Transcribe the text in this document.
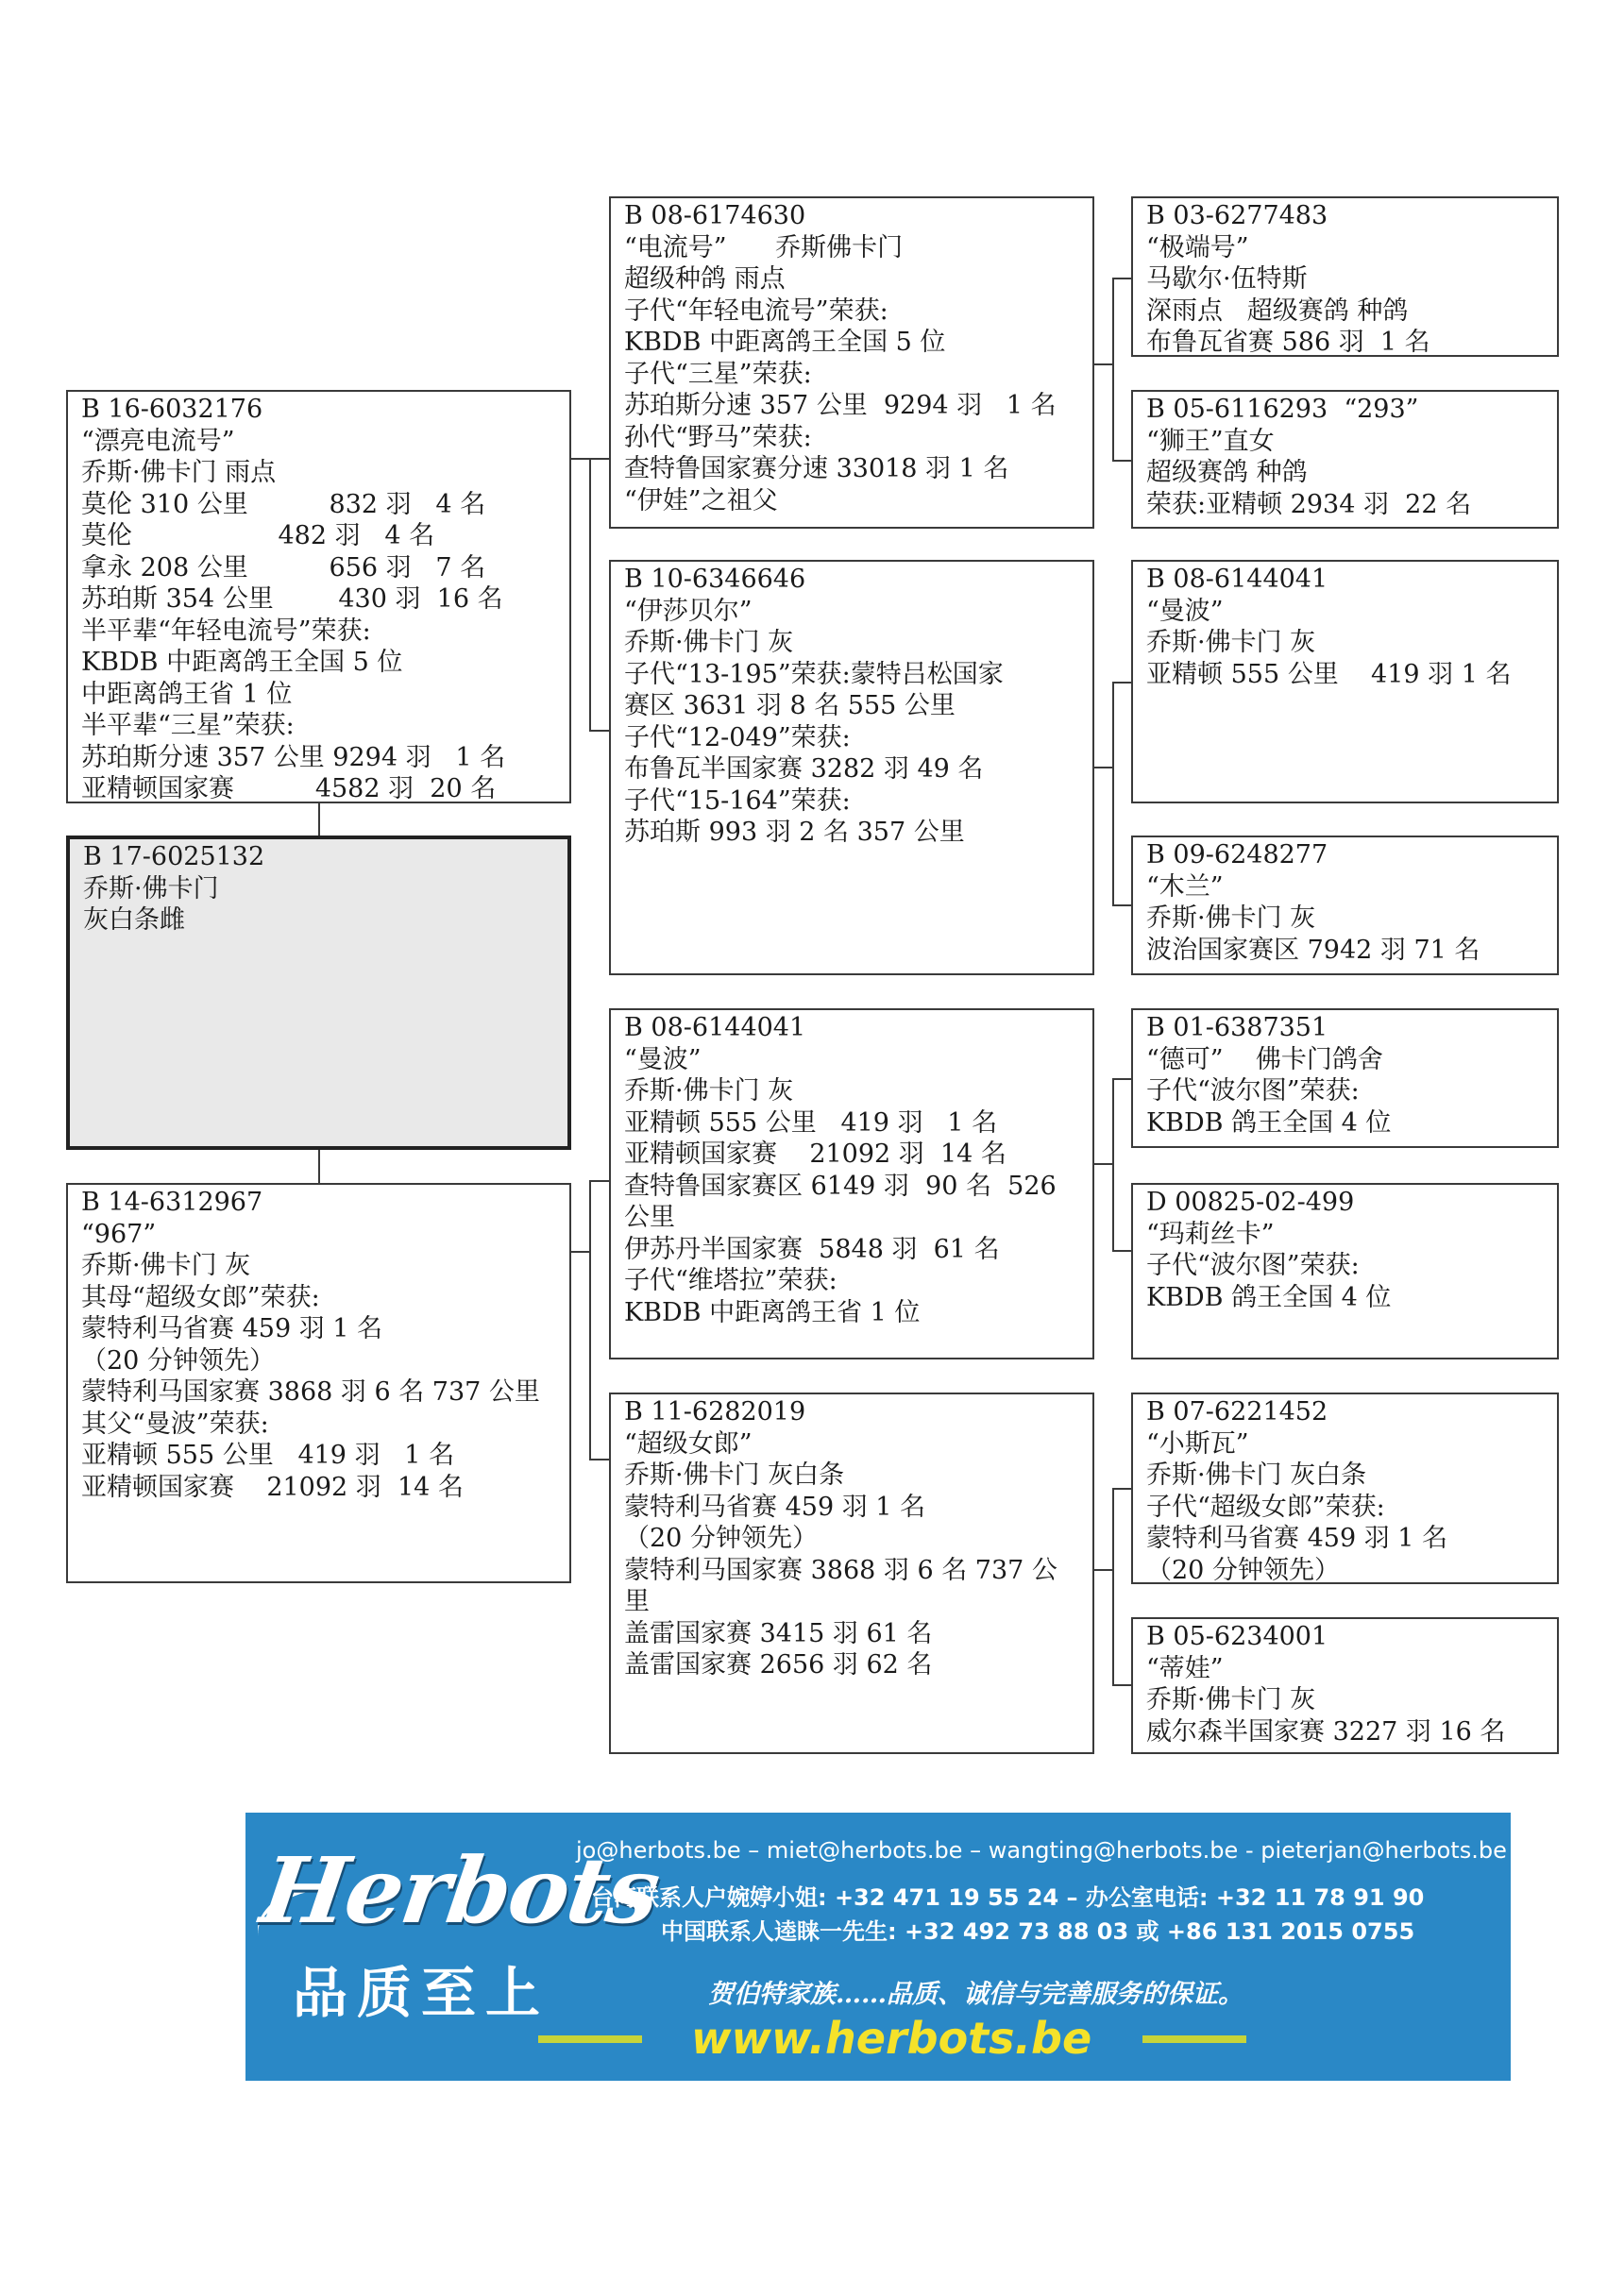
B 16-6032176
“漂亮电流号”
乔斯·佛卡门 雨点
莫伦 310 公里          832 羽   4 名
莫伦                  482 羽   4 名
拿永 208 公里          656 羽   7 名
苏珀斯 354 公里        430 羽  16 名
半平辈“年轻电流号”荣获:
KBDB 中距离鸽王全国 5 位
中距离鸽王省 1 位
半平辈“三星”荣获:
苏珀斯分速 357 公里 9294 羽   1 名
亚精顿国家赛          4582 羽  20 名
B 17-6025132
乔斯·佛卡门
灰白条雌
B 14-6312967
“967”
乔斯·佛卡门 灰
其母“超级女郎”荣获:
蒙特利马省赛 459 羽 1 名
（20 分钟领先）
蒙特利马国家赛 3868 羽 6 名 737 公里
其父“曼波”荣获:
亚精顿 555 公里   419 羽   1 名
亚精顿国家赛    21092 羽  14 名
B 08-6174630
“电流号”      乔斯佛卡门
超级种鸽 雨点
子代“年轻电流号”荣获:
KBDB 中距离鸽王全国 5 位
子代“三星”荣获:
苏珀斯分速 357 公里  9294 羽   1 名
孙代“野马”荣获:
查特鲁国家赛分速 33018 羽 1 名
“伊娃”之祖父
B 10-6346646
“伊莎贝尔”
乔斯·佛卡门 灰
子代“13-195”荣获:蒙特吕松国家
赛区 3631 羽 8 名 555 公里
子代“12-049”荣获:
布鲁瓦半国家赛 3282 羽 49 名
子代“15-164”荣获:
苏珀斯 993 羽 2 名 357 公里
B 08-6144041
“曼波”
乔斯·佛卡门 灰
亚精顿 555 公里   419 羽   1 名
亚精顿国家赛    21092 羽  14 名
查特鲁国家赛区 6149 羽  90 名  526
公里
伊苏丹半国家赛  5848 羽  61 名
子代“维塔拉”荣获:
KBDB 中距离鸽王省 1 位
B 11-6282019
“超级女郎”
乔斯·佛卡门 灰白条
蒙特利马省赛 459 羽 1 名
（20 分钟领先）
蒙特利马国家赛 3868 羽 6 名 737 公
里
盖雷国家赛 3415 羽 61 名
盖雷国家赛 2656 羽 62 名
B 03-6277483
“极端号”
马歇尔·伍特斯
深雨点   超级赛鸽 种鸽
布鲁瓦省赛 586 羽  1 名
B 05-6116293  “293”
“狮王”直女
超级赛鸽 种鸽
荣获:亚精顿 2934 羽  22 名
B 08-6144041
“曼波”
乔斯·佛卡门 灰
亚精顿 555 公里    419 羽 1 名
B 09-6248277
“木兰”
乔斯·佛卡门 灰
波治国家赛区 7942 羽 71 名
B 01-6387351
“德可”    佛卡门鸽舍
子代“波尔图”荣获:
KBDB 鸽王全国 4 位
D 00825-02-499
“玛莉丝卡”
子代“波尔图”荣获:
KBDB 鸽王全国 4 位
B 07-6221452
“小斯瓦”
乔斯·佛卡门 灰白条
子代“超级女郎”荣获:
蒙特利马省赛 459 羽 1 名
（20 分钟领先）
B 05-6234001
“蒂娃”
乔斯·佛卡门 灰
威尔森半国家赛 3227 羽 16 名
Herbots
品质至上
jo@herbots.be – miet@herbots.be – wangting@herbots.be - pieterjan@herbots.be
台湾联系人户婉婷小姐: +32 471 19 55 24 – 办公室电话: +32 11 78 91 90
中国联系人逵睐一先生: +32 492 73 88 03 或 +86 131 2015 0755
贺伯特家族……品质、诚信与完善服务的保证。
www.herbots.be
